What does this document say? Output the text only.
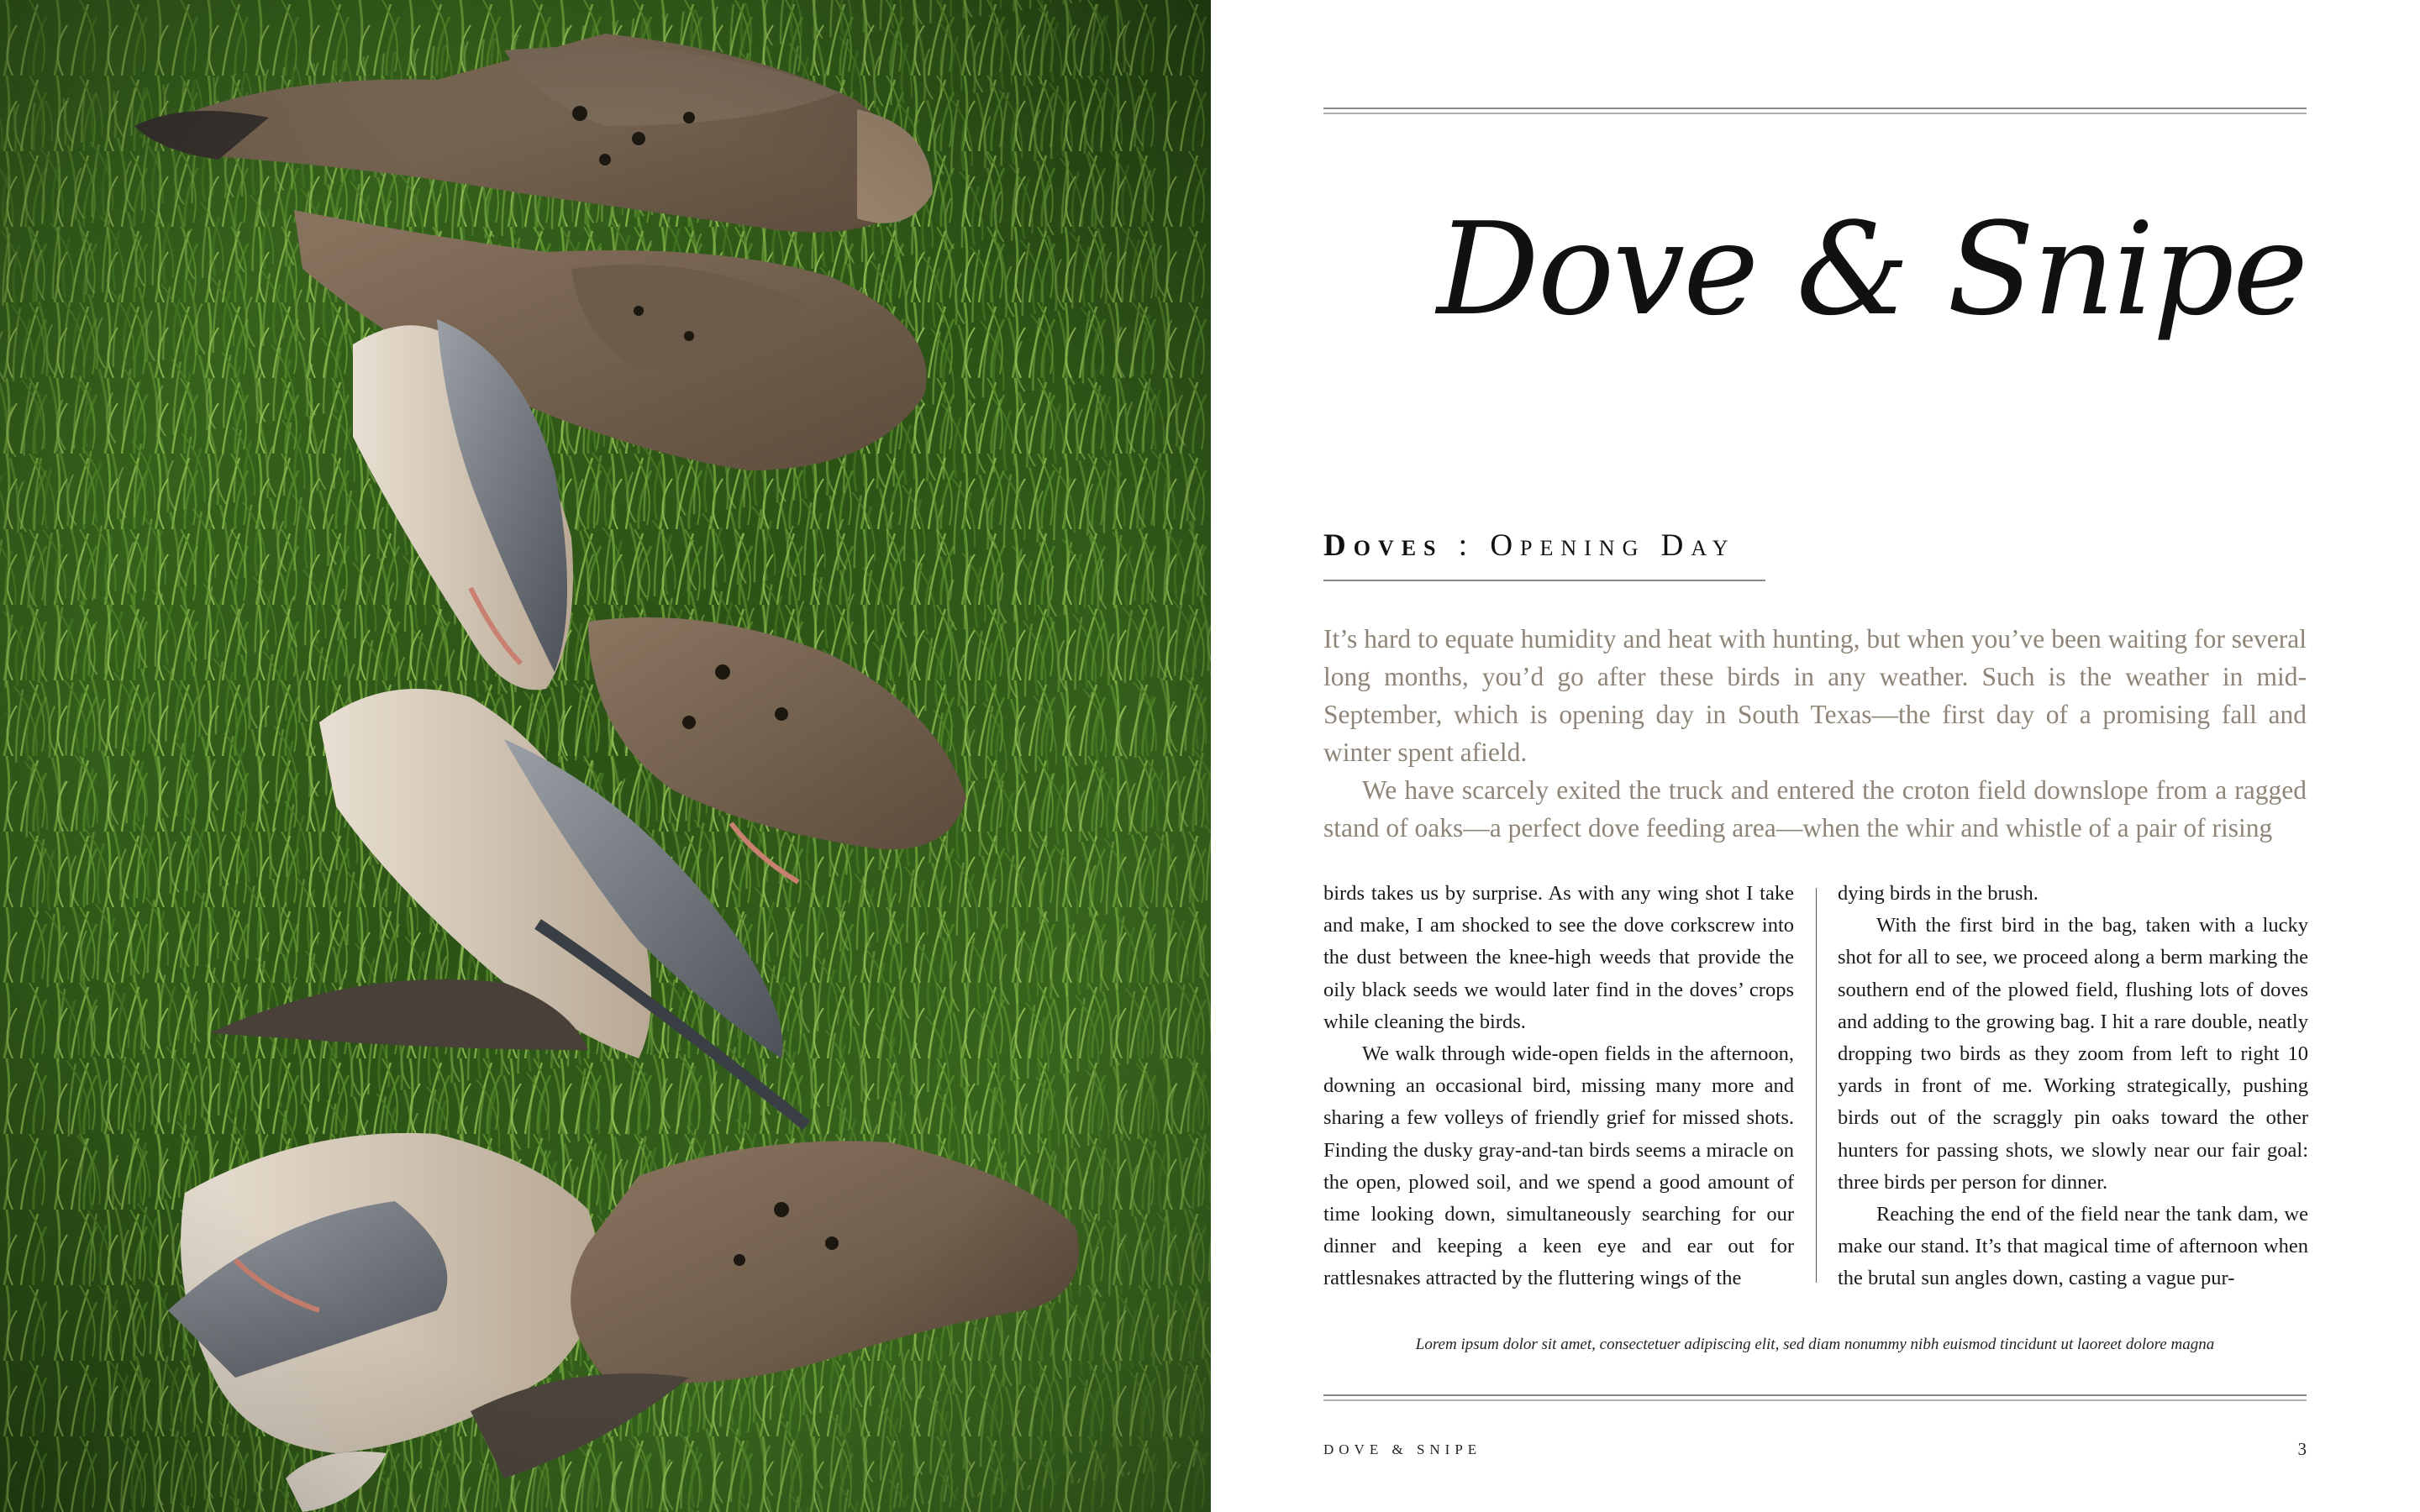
Dove & Snipe
Doves : Opening Day

It’s hard to equate humidity and heat with hunting, but when you’ve been waiting for several long months, you’d go after these birds in any weather. Such is the weather in mid-September, which is opening day in South Texas—the first day of a promising fall and winter spent afield.

We have scarcely exited the truck and entered the croton field downslope from a ragged stand of oaks—a perfect dove feeding area—when the whir and whistle of a pair of rising

birds takes us by surprise. As with any wing shot I take and make, I am shocked to see the dove corkscrew into the dust between the knee-high weeds that provide the oily black seeds we would later find in the doves’ crops while cleaning the birds.

We walk through wide-open fields in the afternoon, downing an occasional bird, missing many more and sharing a few volleys of friendly grief for missed shots. Finding the dusky gray-and-tan birds seems a miracle on the open, plowed soil, and we spend a good amount of time looking down, simultaneously searching for our dinner and keeping a keen eye and ear out for rattlesnakes attracted by the fluttering wings of the

dying birds in the brush.

With the first bird in the bag, taken with a lucky shot for all to see, we proceed along a berm marking the southern end of the plowed field, flushing lots of doves and adding to the growing bag. I hit a rare double, neatly dropping two birds as they zoom from left to right 10 yards in front of me. Working strategically, pushing birds out of the scraggly pin oaks toward the other hunters for passing shots, we slowly near our fair goal: three birds per person for dinner.

Reaching the end of the field near the tank dam, we make our stand. It’s that magical time of afternoon when the brutal sun angles down, casting a vague pur-

Lorem ipsum dolor sit amet, consectetuer adipiscing elit, sed diam nonummy nibh euismod tincidunt ut laoreet dolore magna

DOVE & SNIPE	3
